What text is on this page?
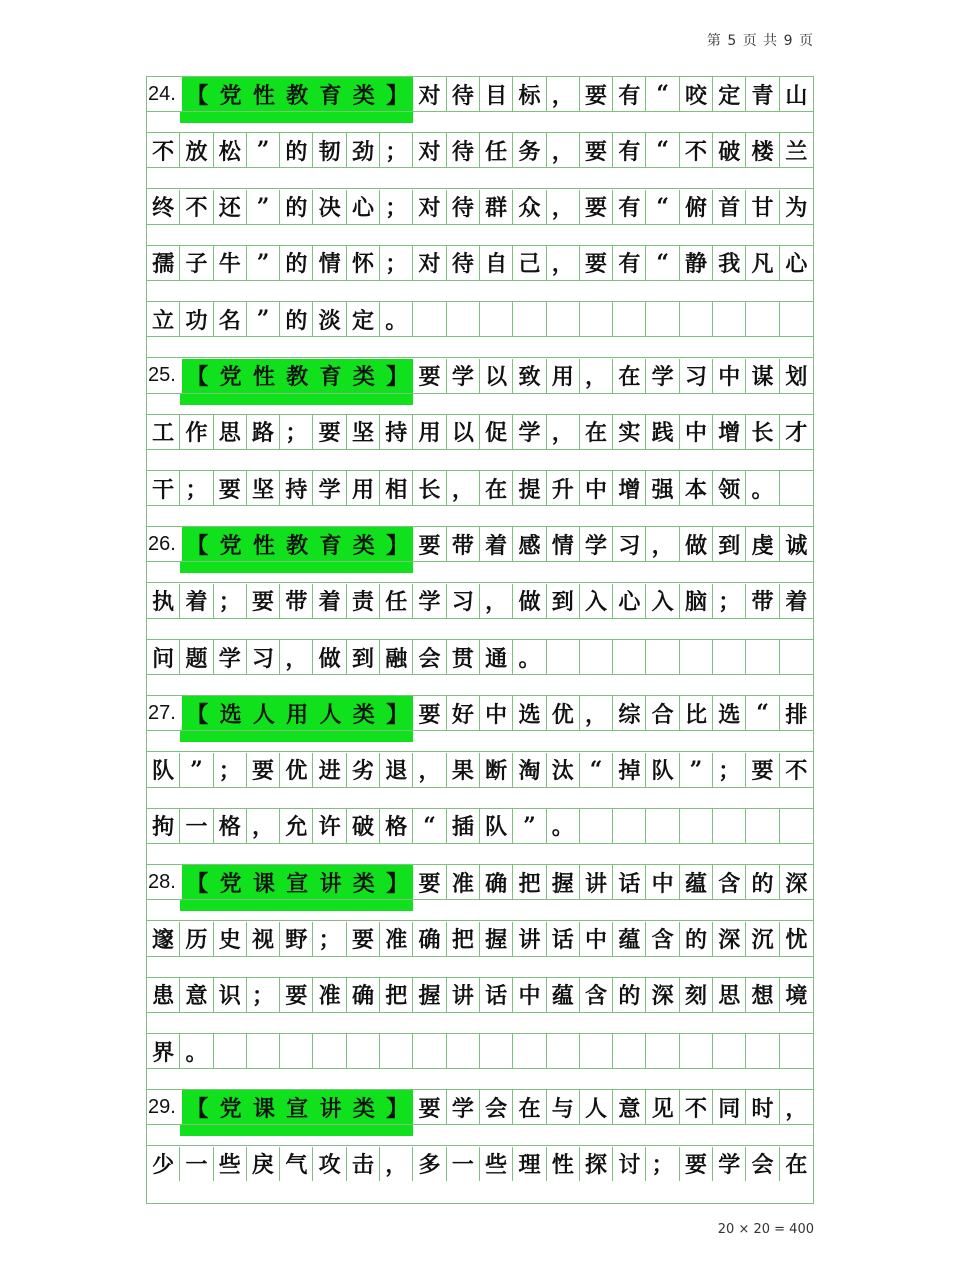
第 5 页 共 9 页
对 待 目 标 ， 要 有 “ 咬 定 青 山
24. 【 党 性 教 育 类 】
不 放 松 ” 的 韧 劲 ； 对 待 任 务 ， 要 有 “ 不 破 楼 兰
终 不 还 ” 的 决 心 ； 对 待 群 众 ， 要 有 “ 俯 首 甘 为
孺 子 牛 ” 的 情 怀 ； 对 待 自 己 ， 要 有 “ 静 我 凡 心
立 功 名 ” 的 淡 定 。
要 学 以 致 用 ， 在 学 习 中 谋 划
25. 【 党 性 教 育 类 】
工 作 思 路 ； 要 坚 持 用 以 促 学 ， 在 实 践 中 增 长 才
干 ； 要 坚 持 学 用 相 长 ， 在 提 升 中 增 强 本 领 。
要 带 着 感 情 学 习 ， 做 到 虔 诚
26. 【 党 性 教 育 类 】
执 着 ； 要 带 着 责 任 学 习 ， 做 到 入 心 入 脑 ； 带 着
问 题 学 习 ， 做 到 融 会 贯 通 。
要 好 中 选 优 ， 综 合 比 选 “ 排
27. 【 选 人 用 人 类 】
队 ” ； 要 优 进 劣 退 ， 果 断 淘 汰 “ 掉 队 ” ； 要 不
拘 一 格 ， 允 许 破 格 “ 插 队 ” 。
要 准 确 把 握 讲 话 中 蕴 含 的 深
28. 【 党 课 宣 讲 类 】
邃 历 史 视 野 ； 要 准 确 把 握 讲 话 中 蕴 含 的 深 沉 忧
患 意 识 ； 要 准 确 把 握 讲 话 中 蕴 含 的 深 刻 思 想 境
界 。
要 学 会 在 与 人 意 见 不 同 时 ，
29. 【 党 课 宣 讲 类 】
少 一 些 戾 气 攻 击 ， 多 一 些 理 性 探 讨 ； 要 学 会 在
20 × 20 = 400
